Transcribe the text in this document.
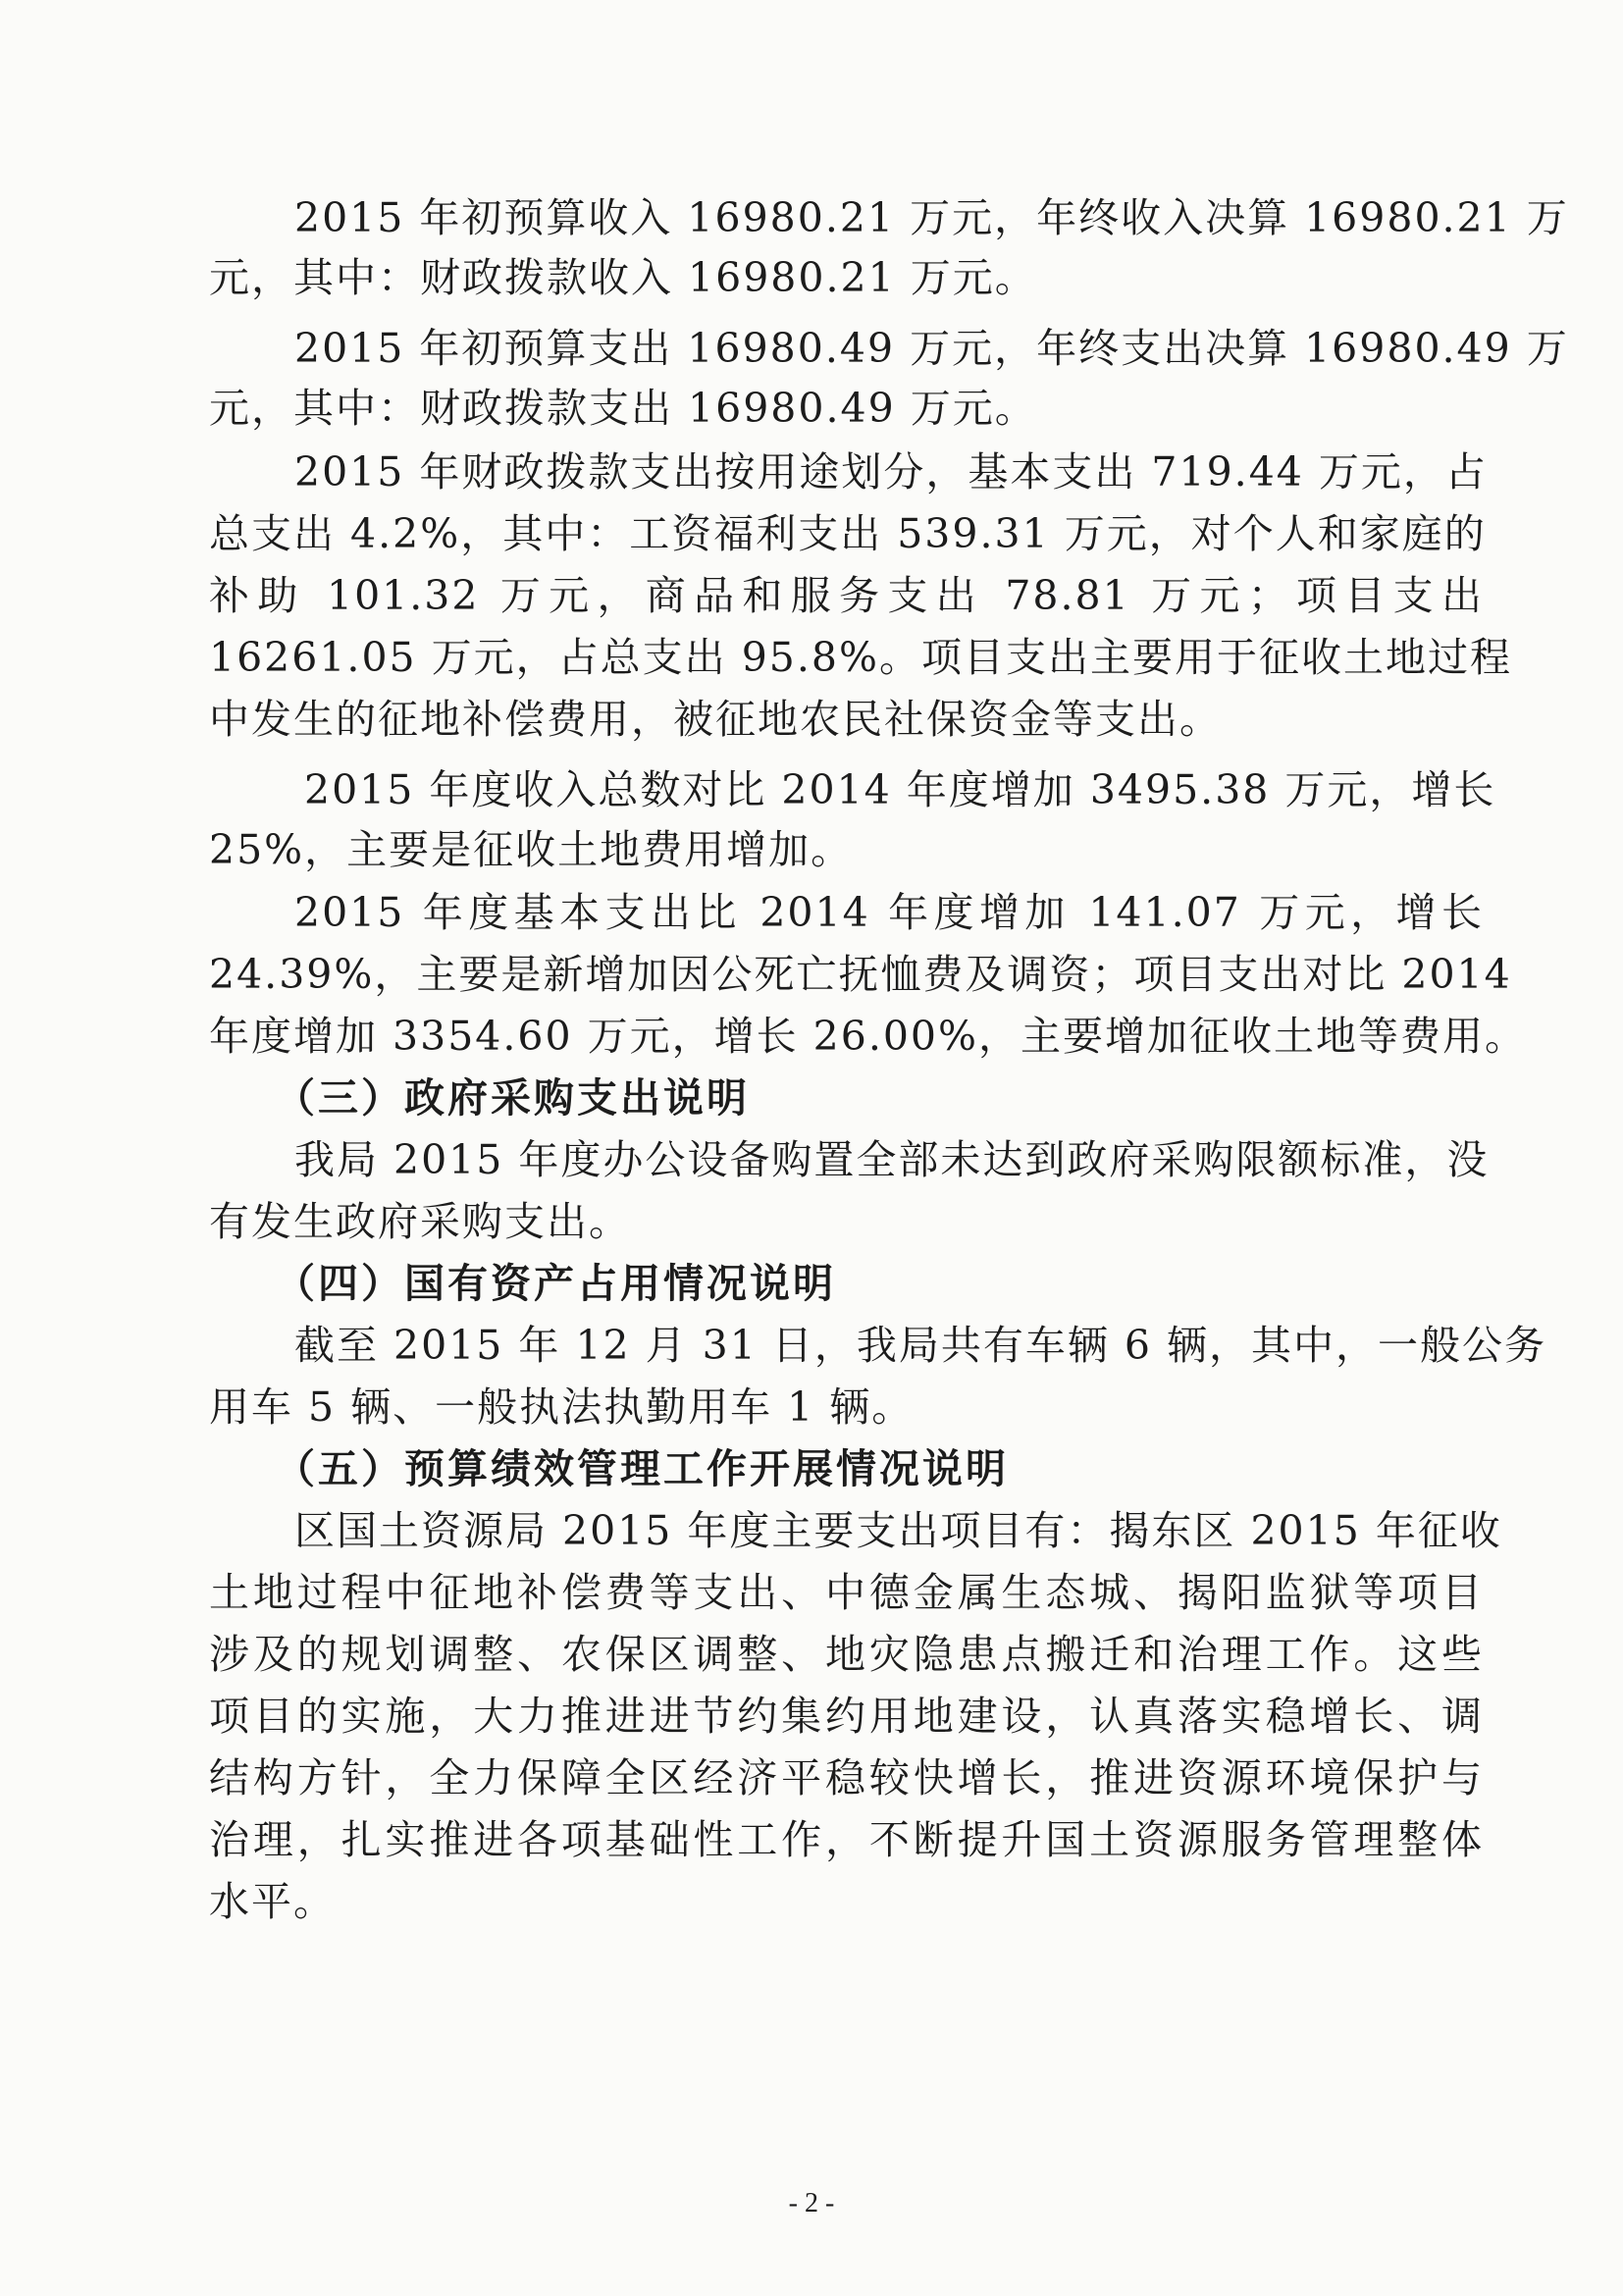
2015 年初预算收入 16980.21 万元，年终收入决算 16980.21 万
元，其中：财政拨款收入 16980.21 万元。
2015 年初预算支出 16980.49 万元，年终支出决算 16980.49 万
元，其中：财政拨款支出 16980.49 万元。
2015 年财政拨款支出按用途划分，基本支出 719.44 万元，占
总支出 4.2%，其中：工资福利支出 539.31 万元，对个人和家庭的
补助 101.32 万元，商品和服务支出 78.81 万元；项目支出
16261.05 万元，占总支出 95.8%。项目支出主要用于征收土地过程
中发生的征地补偿费用，被征地农民社保资金等支出。
2015 年度收入总数对比 2014 年度增加 3495.38 万元，增长
25%，主要是征收土地费用增加。
2015 年度基本支出比 2014 年度增加 141.07 万元，增长
24.39%，主要是新增加因公死亡抚恤费及调资；项目支出对比 2014
年度增加 3354.60 万元，增长 26.00%，主要增加征收土地等费用。
（三）政府采购支出说明
我局 2015 年度办公设备购置全部未达到政府采购限额标准，没
有发生政府采购支出。
（四）国有资产占用情况说明
截至 2015 年 12 月 31 日，我局共有车辆 6 辆，其中，一般公务
用车 5 辆、一般执法执勤用车 1 辆。
（五）预算绩效管理工作开展情况说明
区国土资源局 2015 年度主要支出项目有：揭东区 2015 年征收
土地过程中征地补偿费等支出、中德金属生态城、揭阳监狱等项目
涉及的规划调整、农保区调整、地灾隐患点搬迁和治理工作。这些
项目的实施，大力推进进节约集约用地建设，认真落实稳增长、调
结构方针，全力保障全区经济平稳较快增长，推进资源环境保护与
治理，扎实推进各项基础性工作，不断提升国土资源服务管理整体
水平。
- 2 -
